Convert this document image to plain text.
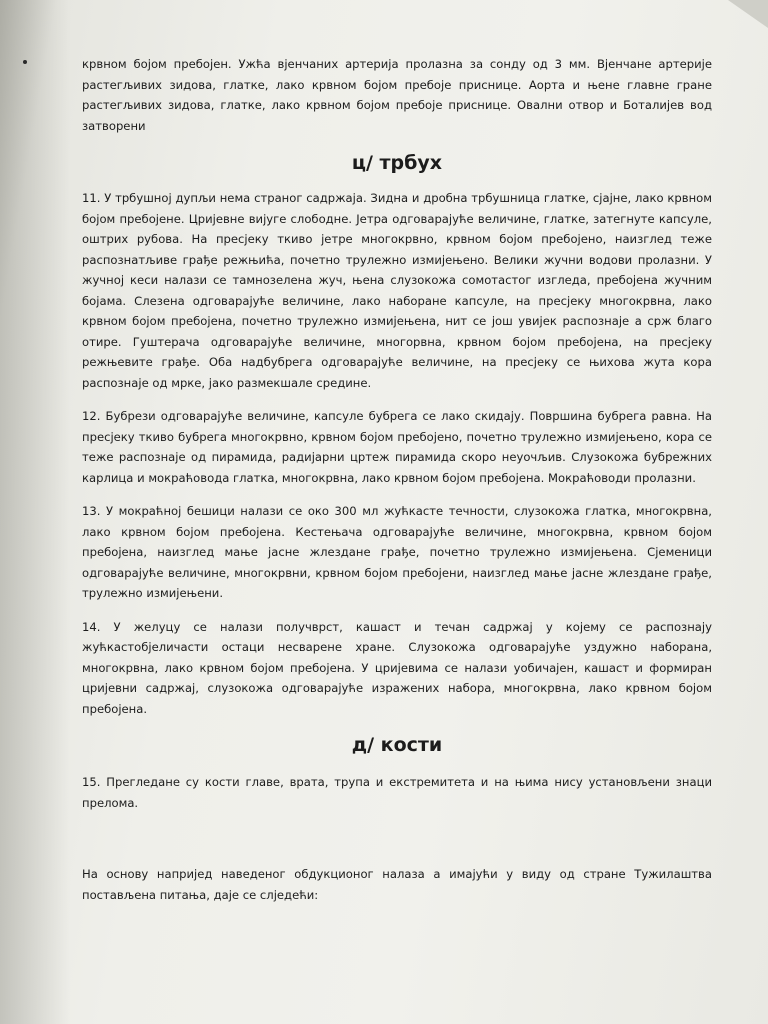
крвном бојом пребојен. Ужћа вјенчаних артерија пролазна за сонду од 3 мм. Вјенчане артерије растегљивих зидова, глатке, лако крвном бојом пребоје приснице. Аорта и њене главне гране растегљивих зидова, глатке, лако крвном бојом пребоје приснице. Овални отвор и Боталијев вод затворени

ц/ трбух

11. У трбушној дупљи нема страног садржаја. Зидна и дробна трбушница глатке, сјајне, лако крвном бојом пребојене. Цријевне вијуге слободне. Јетра одговарајуће величине, глатке, затегнуте капсуле, оштрих рубова. На пресјеку ткиво јетре многокрвно, крвном бојом пребојено, наизглед теже распознатљиве грађе режњића, почетно трулежно измијењено. Велики жучни водови пролазни. У жучној кеси налази се тамнозелена жуч, њена слузокожа сомотастог изгледа, пребојена жучним бојама. Слезена одговарајуће величине, лако наборане капсуле, на пресјеку многокрвна, лако крвном бојом пребојена, почетно трулежно измијењена, нит се још увијек распознаје а срж благо отире. Гуштерача одговарајуће величине, многорвна, крвном бојом пребојена, на пресјеку режњевите грађе. Оба надбубрега одговарајуће величине, на пресјеку се њихова жута кора распознаје од мрке, јако размекшале средине.

12. Бубрези одговарајуће величине, капсуле бубрега се лако скидају. Површина бубрега равна. На пресјеку ткиво бубрега многокрвно, крвном бојом пребојено, почетно трулежно измијењено, кора се теже распознаје од пирамида, радијарни цртеж пирамида скоро неуочљив. Слузокожа бубрежних карлица и мокраћовода глатка, многокрвна, лако крвном бојом пребојена. Мокраћоводи пролазни.

13. У мокраћној бешици налази се око 300 мл жућкасте течности, слузокожа глатка, многокрвна, лако крвном бојом пребојена. Кестењача одговарајуће величине, многокрвна, крвном бојом пребојена, наизглед мање јасне жлездане грађе, почетно трулежно измијењена. Сјеменици одговарајуће величине, многокрвни, крвном бојом пребојени, наизглед мање јасне жлездане грађе, трулежно измијењени.

14. У желуцу се налази получврст, кашаст и течан садржај у којему се распознају жућкастобјеличасти остаци несварене хране. Слузокожа одговарајуће уздужно наборана, многокрвна, лако крвном бојом пребојена. У цријевима се налази уобичајен, кашаст и формиран цријевни садржај, слузокожа одговарајуће изражених набора, многокрвна, лако крвном бојом пребојена.

д/ кости

15. Прегледане су кости главе, врата, трупа и екстремитета и на њима нису установљени знаци прелома.

На основу напријед наведеног обдукционог налаза а имајући у виду од стране Тужилаштва постављена питања, даје се слједећи:
